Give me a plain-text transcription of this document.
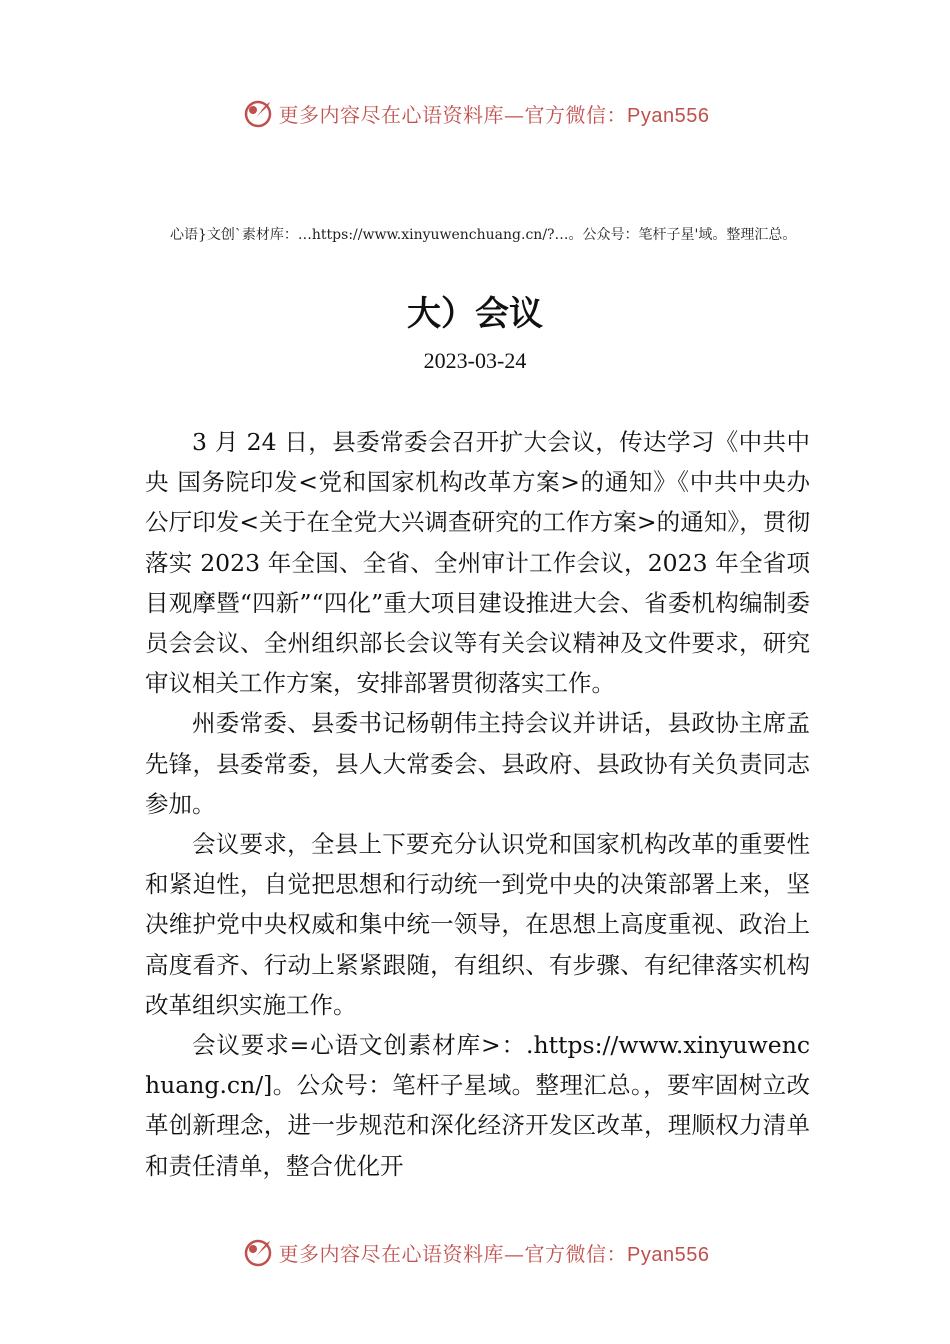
更多内容尽在心语资料库—官方微信：Pyan556
心语}文创`素材库：…https://www.xinyuwenchuang.cn/?…。公众号：笔杆子星'域。整理汇总。
大）会议
2023-03-24

3 月 24 日，县委常委会召开扩大会议，传达学习《中共中央 国务院印发<党和国家机构改革方案>的通知》《中共中央办公厅印发<关于在全党大兴调查研究的工作方案>的通知》，贯彻落实 2023 年全国、全省、全州审计工作会议，2023 年全省项目观摩暨“四新”“四化”重大项目建设推进大会、省委机构编制委员会会议、全州组织部长会议等有关会议精神及文件要求，研究审议相关工作方案，安排部署贯彻落实工作。

州委常委、县委书记杨朝伟主持会议并讲话，县政协主席孟先锋，县委常委，县人大常委会、县政府、县政协有关负责同志参加。

会议要求，全县上下要充分认识党和国家机构改革的重要性和紧迫性，自觉把思想和行动统一到党中央的决策部署上来，坚决维护党中央权威和集中统一领导，在思想上高度重视、政治上高度看齐、行动上紧紧跟随，有组织、有步骤、有纪律落实机构改革组织实施工作。

会议要求=心语文创素材库>：.https://www.xinyuwenchuang.cn/]。公众号：笔杆子星域。整理汇总。，要牢固树立改革创新理念，进一步规范和深化经济开发区改革，理顺权力清单和责任清单，整合优化开

更多内容尽在心语资料库—官方微信：Pyan556
